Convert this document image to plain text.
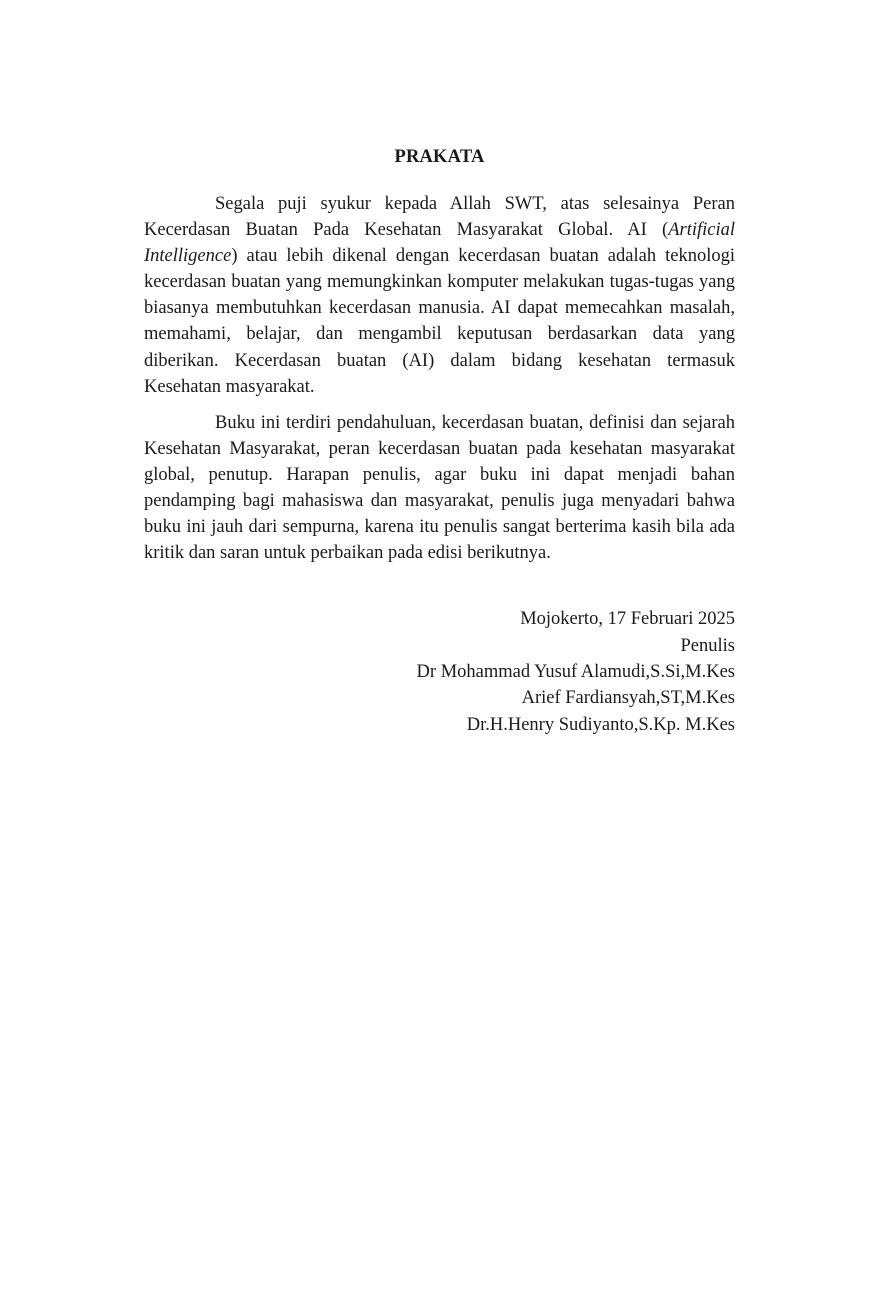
PRAKATA

Segala puji syukur kepada Allah SWT, atas selesainya Peran Kecerdasan Buatan Pada Kesehatan Masyarakat Global. AI (Artificial Intelligence) atau lebih dikenal dengan kecerdasan buatan adalah teknologi kecerdasan buatan yang memungkinkan komputer melakukan tugas-tugas yang biasanya membutuhkan kecerdasan manusia. AI dapat memecahkan masalah, memahami, belajar, dan mengambil keputusan berdasarkan data yang diberikan. Kecerdasan buatan (AI) dalam bidang kesehatan termasuk Kesehatan masyarakat.

Buku ini terdiri pendahuluan, kecerdasan buatan, definisi dan sejarah Kesehatan Masyarakat, peran kecerdasan buatan pada kesehatan masyarakat global, penutup. Harapan penulis, agar buku ini dapat menjadi bahan pendamping bagi mahasiswa dan masyarakat, penulis juga menyadari bahwa buku ini jauh dari sempurna, karena itu penulis sangat berterima kasih bila ada kritik dan saran untuk perbaikan pada edisi berikutnya.

Mojokerto, 17 Februari 2025
Penulis
Dr Mohammad Yusuf Alamudi,S.Si,M.Kes
Arief Fardiansyah,ST,M.Kes
Dr.H.Henry Sudiyanto,S.Kp. M.Kes
